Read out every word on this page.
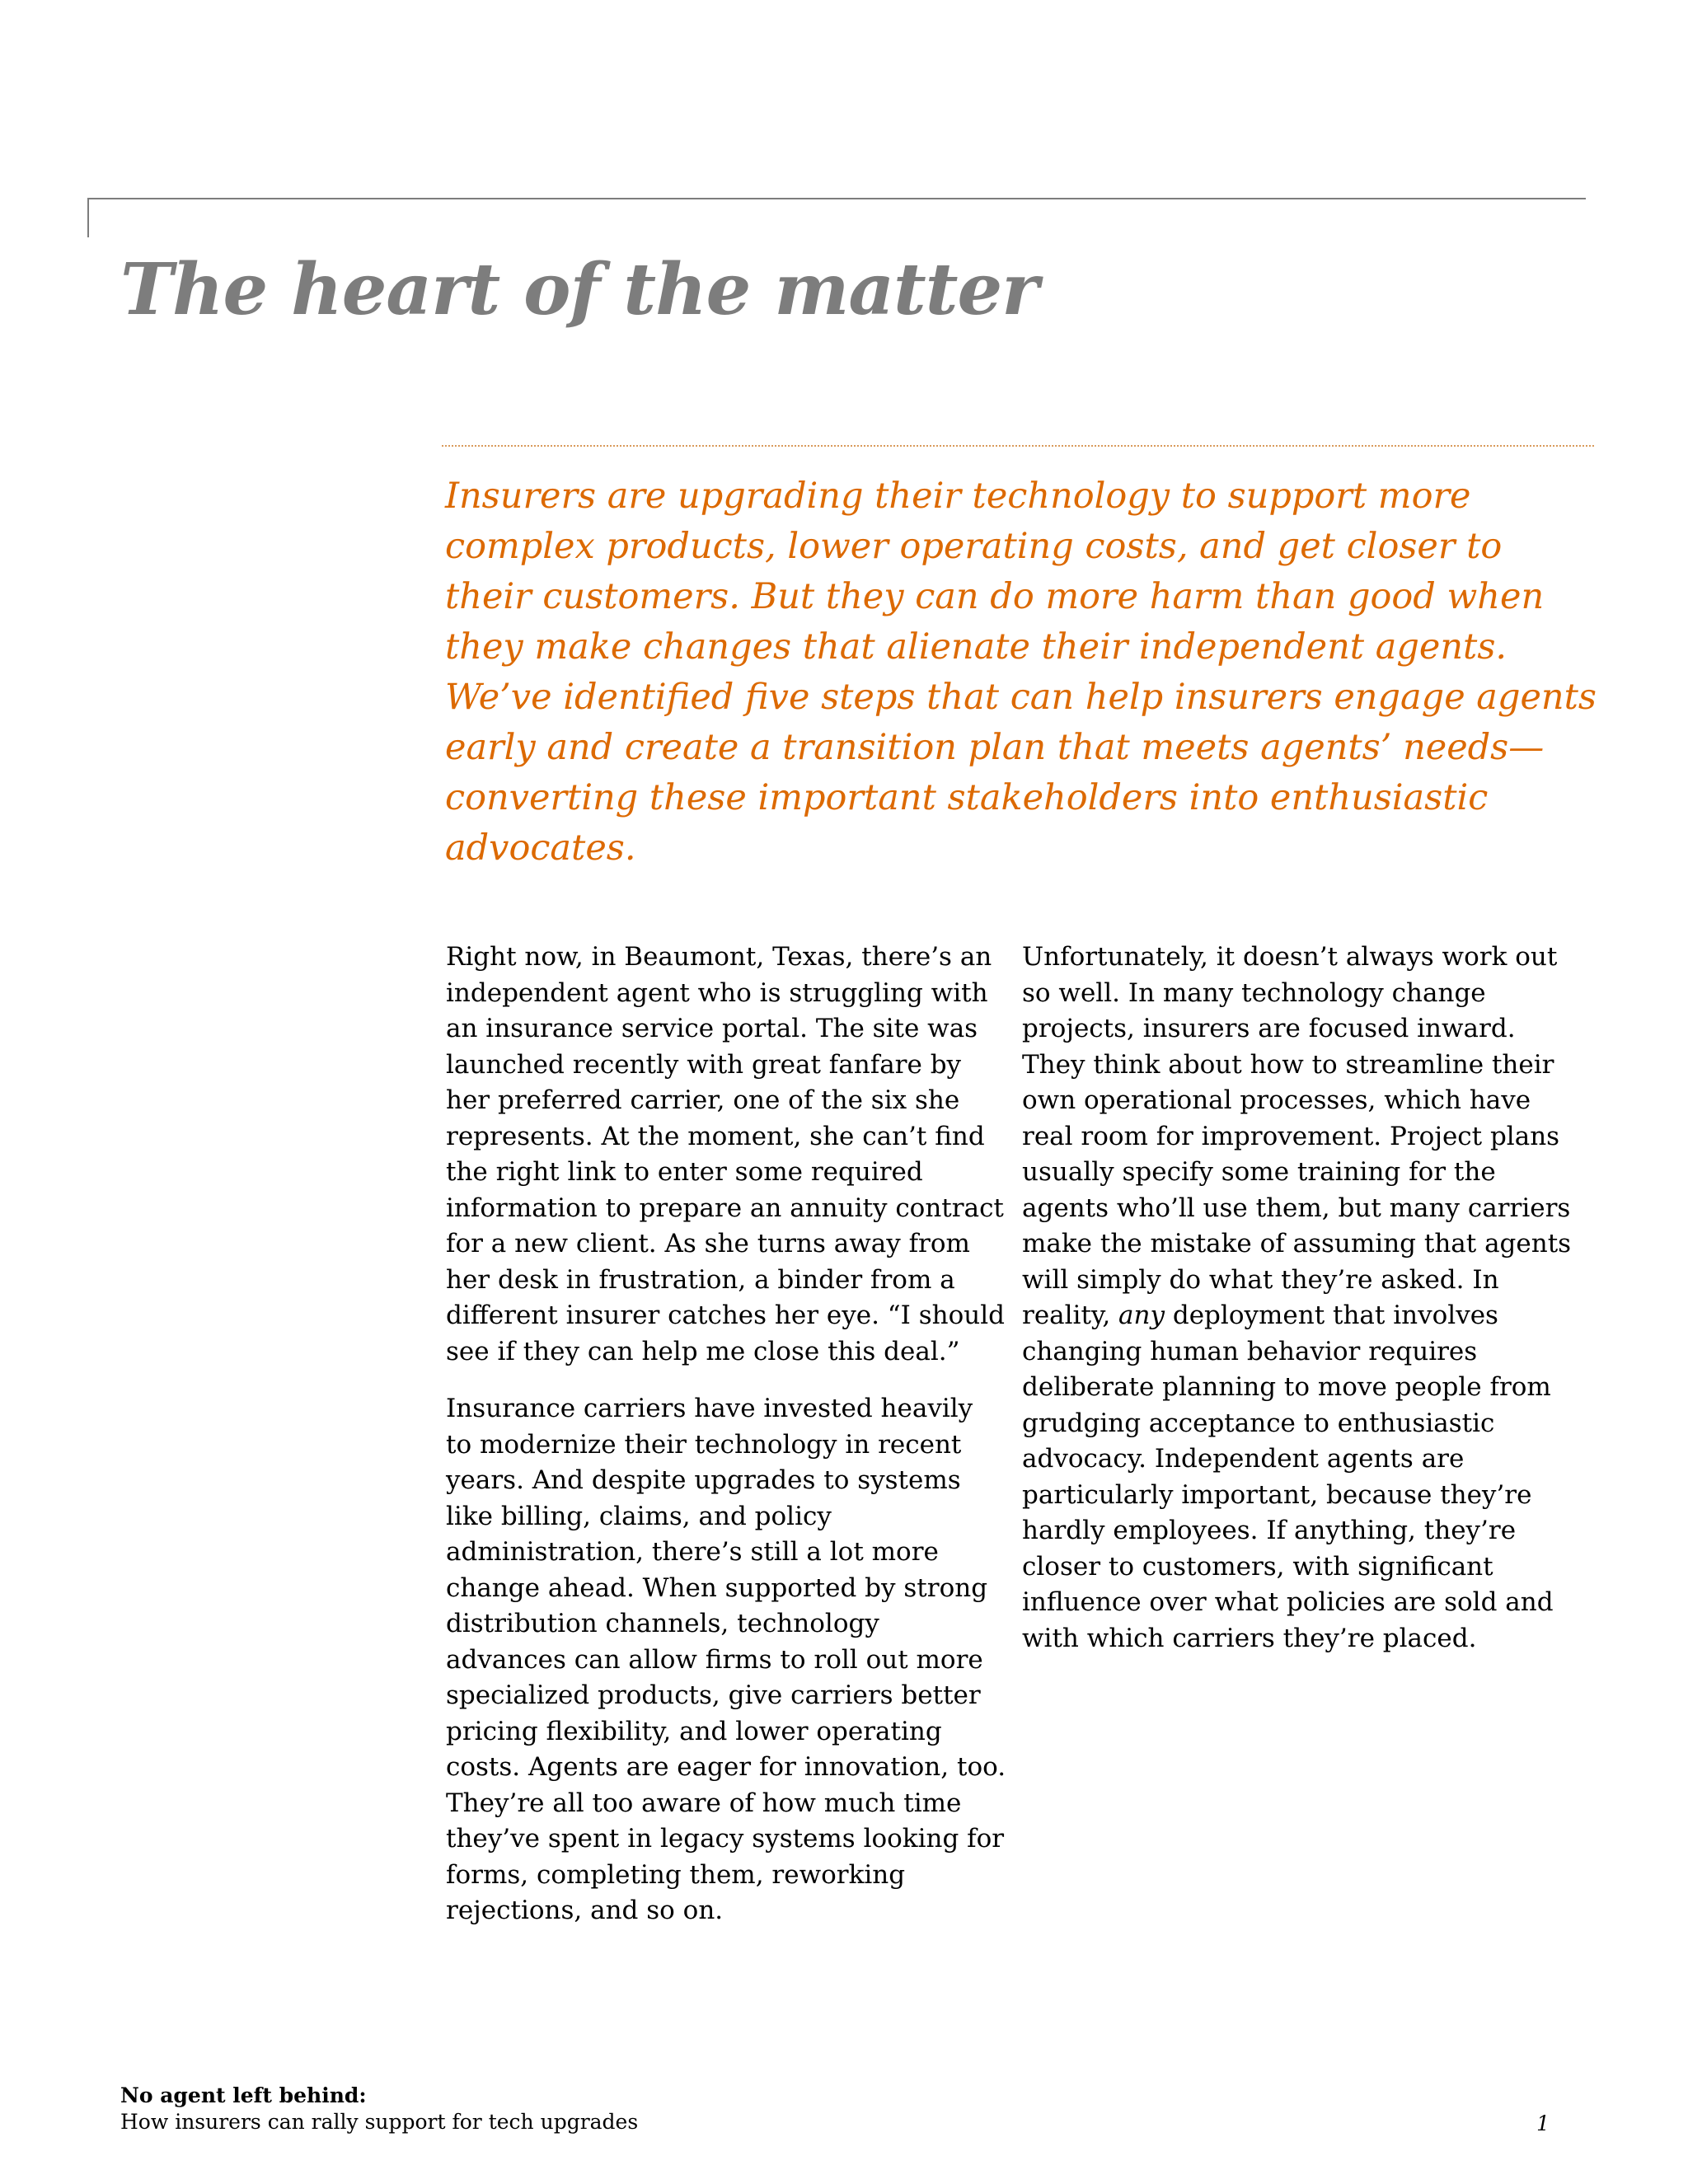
The heart of the matter

Insurers are upgrading their technology to support more complex products, lower operating costs, and get closer to their customers. But they can do more harm than good when they make changes that alienate their independent agents. We’ve identified five steps that can help insurers engage agents early and create a transition plan that meets agents’ needs—converting these important stakeholders into enthusiastic advocates.

Right now, in Beaumont, Texas, there’s an independent agent who is struggling with an insurance service portal. The site was launched recently with great fanfare by her preferred carrier, one of the six she represents. At the moment, she can’t find the right link to enter some required information to prepare an annuity contract for a new client. As she turns away from her desk in frustration, a binder from a different insurer catches her eye. “I should see if they can help me close this deal.”

Insurance carriers have invested heavily to modernize their technology in recent years. And despite upgrades to systems like billing, claims, and policy administration, there’s still a lot more change ahead. When supported by strong distribution channels, technology advances can allow firms to roll out more specialized products, give carriers better pricing flexibility, and lower operating costs. Agents are eager for innovation, too. They’re all too aware of how much time they’ve spent in legacy systems looking for forms, completing them, reworking rejections, and so on.

Unfortunately, it doesn’t always work out so well. In many technology change projects, insurers are focused inward. They think about how to streamline their own operational processes, which have real room for improvement. Project plans usually specify some training for the agents who’ll use them, but many carriers make the mistake of assuming that agents will simply do what they’re asked. In reality, any deployment that involves changing human behavior requires deliberate planning to move people from grudging acceptance to enthusiastic advocacy. Independent agents are particularly important, because they’re hardly employees. If anything, they’re closer to customers, with significant influence over what policies are sold and with which carriers they’re placed.

No agent left behind:
How insurers can rally support for tech upgrades	1
